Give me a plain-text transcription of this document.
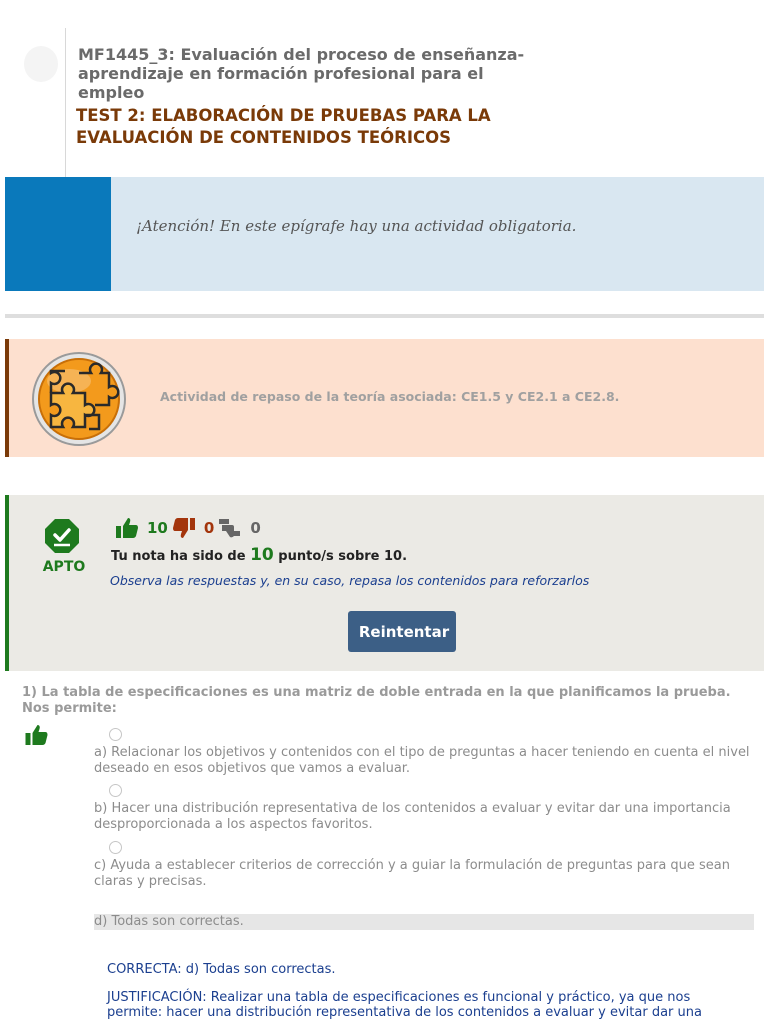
MF1445_3: Evaluación del proceso de enseñanza-aprendizaje en formación profesional para el empleo
TEST 2: ELABORACIÓN DE PRUEBAS PARA LA EVALUACIÓN DE CONTENIDOS TEÓRICOS
¡Atención! En este epígrafe hay una actividad obligatoria.
Actividad de repaso de la teoría asociada: CE1.5 y CE2.1 a CE2.8.
APTO
10 0 0
Tu nota ha sido de 10 punto/s sobre 10.
Observa las respuestas y, en su caso, repasa los contenidos para reforzarlos
Reintentar

1) La tabla de especificaciones es una matriz de doble entrada en la que planificamos la prueba. Nos permite:

a) Relacionar los objetivos y contenidos con el tipo de preguntas a hacer teniendo en cuenta el nivel deseado en esos objetivos que vamos a evaluar.

b) Hacer una distribución representativa de los contenidos a evaluar y evitar dar una importancia desproporcionada a los aspectos favoritos.

c) Ayuda a establecer criterios de corrección y a guiar la formulación de preguntas para que sean claras y precisas.

d) Todas son correctas.
CORRECTA: d) Todas son correctas.

JUSTIFICACIÓN: Realizar una tabla de especificaciones es funcional y práctico, ya que nos permite: hacer una distribución representativa de los contenidos a evaluar y evitar dar una
